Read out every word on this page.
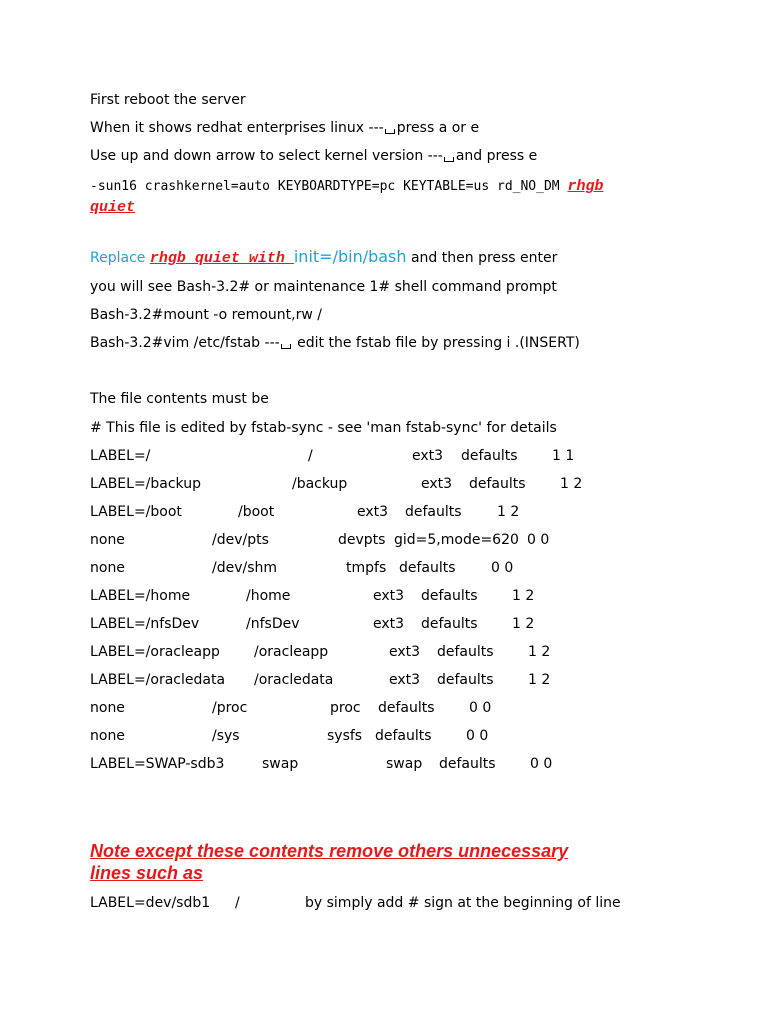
First reboot the server
When it shows redhat enterprises linux --- press a or e
Use up and down arrow to select kernel version --- and press e
-sun16 crashkernel=auto KEYBOARDTYPE=pc KEYTABLE=us rd_NO_DM rhgb
quiet
Replace rhgb quiet with init=/bin/bash and then press enter
you will see Bash-3.2# or maintenance 1# shell command prompt
Bash-3.2#mount -o remount,rw /
Bash-3.2#vim /etc/fstab --- edit the fstab file by pressing i .(INSERT)
The file contents must be
# This file is edited by fstab-sync - see 'man fstab-sync' for details
LABEL=/	/	ext3 defaults 1 1
LABEL=/backup	/backup	ext3 defaults 1 2
LABEL=/boot	/boot	ext3 defaults	1 2
none	/dev/pts	devpts gid=5,mode=620 0 0
none	/dev/shm	tmpfs defaults	0 0
LABEL=/home	/home	ext3 defaults 1 2
LABEL=/nfsDev	/nfsDev	ext3 defaults 1 2
LABEL=/oracleapp /oracleapp	ext3 defaults 1 2
LABEL=/oracledata /oracledata	ext3 defaults 1 2
none	/proc	proc defaults 0 0
none	/sys	sysfs defaults 0 0
LABEL=SWAP-sdb3	swap	swap defaults 0 0
Note except these contents remove others unnecessary
lines such as
LABEL=dev/sdb1 /	by simply add # sign at the beginning of line
